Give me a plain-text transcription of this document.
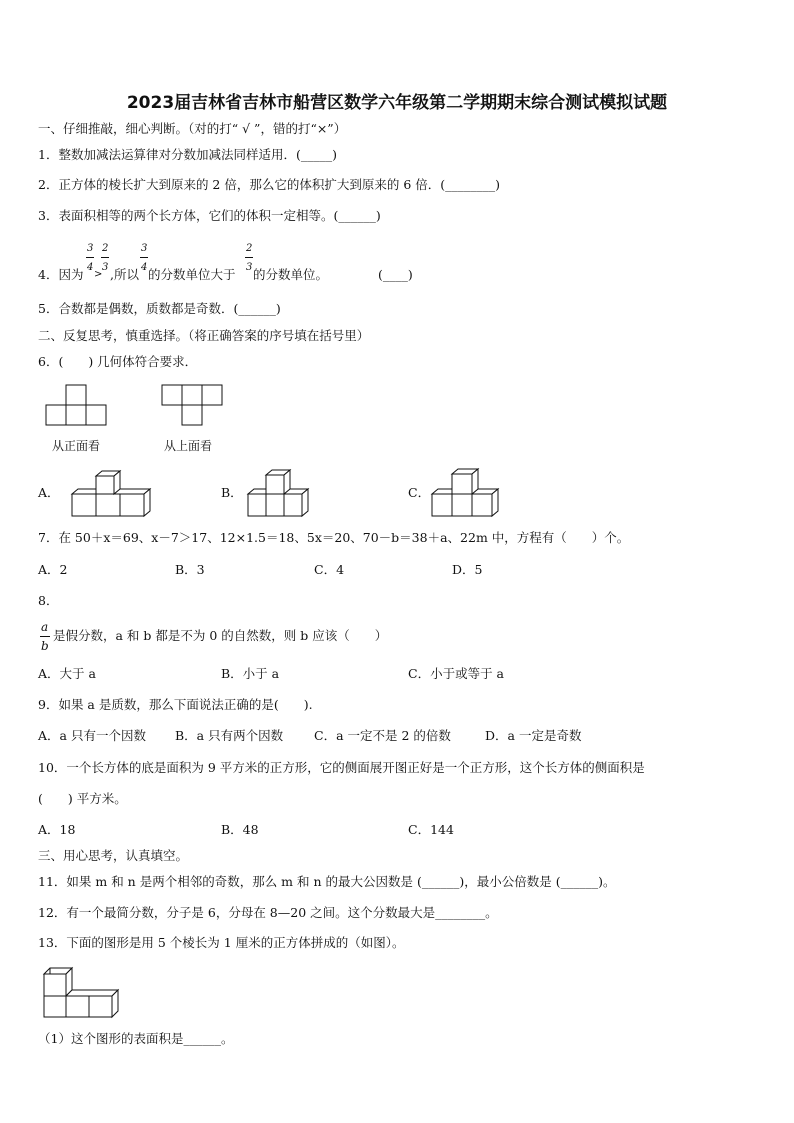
2023届吉林省吉林市船营区数学六年级第二学期期末综合测试模拟试题
一、仔细推敲，细心判断。（对的打“ √ ”，错的打“×”）
1．整数加减法运算律对分数加减法同样适用．(_____)
2．正方体的棱长扩大到原来的 2 倍，那么它的体积扩大到原来的 6 倍．(________)
3．表面积相等的两个长方体，它们的体积一定相等。(______)
4．因为
3
4
>
2
3 ,所以
3
4 的分数单位大于
2
3 的分数单位。	(____)
5．合数都是偶数，质数都是奇数．(______)
二、反复思考，慎重选择。（将正确答案的序号填在括号里）
6．(　　) 几何体符合要求．
从正面看	从上面看
A．	B．	C．
7．在 50＋x＝69、x－7＞17、12×1.5＝18、5x＝20、70－b＝38＋a、22m 中，方程有（　　）个。
A．2	B．3	C．4	D．5
8．
a
b
是假分数，a 和 b 都是不为 0 的自然数，则 b 应该（　　）
A．大于 a	B．小于 a	C．小于或等于 a
9．如果 a 是质数，那么下面说法正确的是(　　).
A．a 只有一个因数 B．a 只有两个因数 C．a 一定不是 2 的倍数	D．a 一定是奇数
10．一个长方体的底是面积为 9 平方米的正方形，它的侧面展开图正好是一个正方形，这个长方体的侧面积是
(　　) 平方米。
A．18	B．48	C．144
三、用心思考，认真填空。
11．如果 m 和 n 是两个相邻的奇数，那么 m 和 n 的最大公因数是 (______)，最小公倍数是 (______)。
12．有一个最简分数，分子是 6，分母在 8—20 之间。这个分数最大是________。
13．下面的图形是用 5 个棱长为 1 厘米的正方体拼成的（如图）。
（1）这个图形的表面积是______。
